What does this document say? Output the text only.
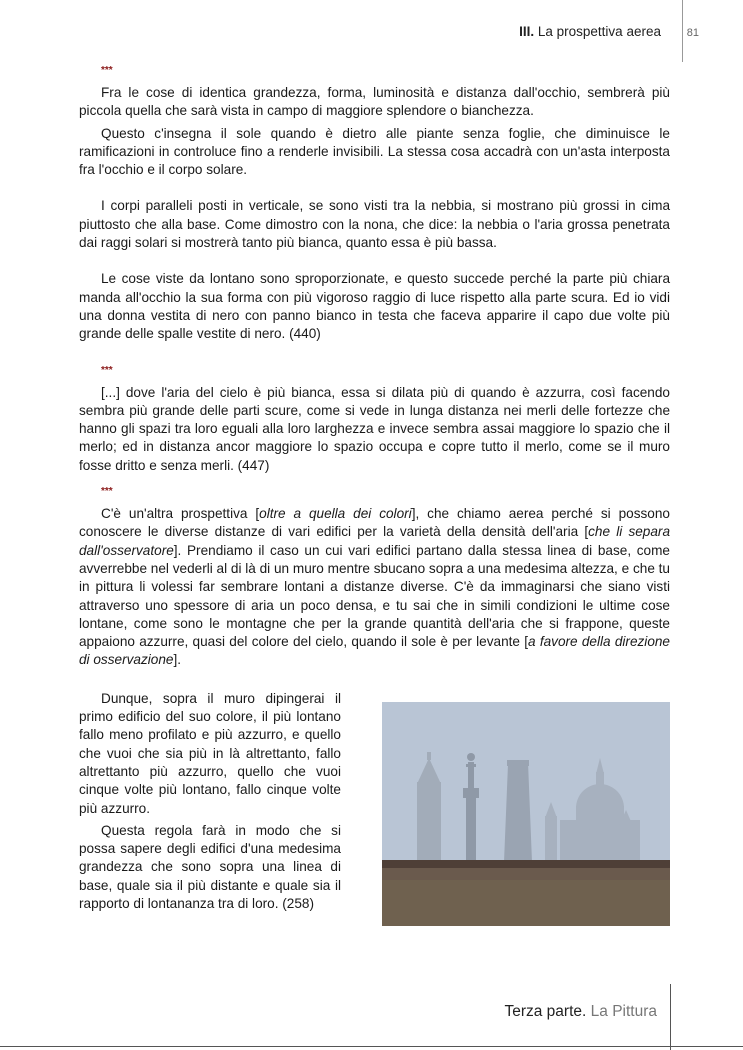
III. La prospettiva aerea 81
***

Fra le cose di identica grandezza, forma, luminosità e distanza dall'occhio, sembrerà più piccola quella che sarà vista in campo di maggiore splendore o bianchezza.

Questo c'insegna il sole quando è dietro alle piante senza foglie, che diminuisce le ramificazioni in controluce fino a renderle invisibili. La stessa cosa accadrà con un'asta interposta fra l'occhio e il corpo solare.

I corpi paralleli posti in verticale, se sono visti tra la nebbia, si mostrano più grossi in cima piuttosto che alla base. Come dimostro con la nona, che dice: la nebbia o l'aria grossa penetrata dai raggi solari si mostrerà tanto più bianca, quanto essa è più bassa.

Le cose viste da lontano sono sproporzionate, e questo succede perché la parte più chiara manda all'occhio la sua forma con più vigoroso raggio di luce rispetto alla parte scura. Ed io vidi una donna vestita di nero con panno bianco in testa che faceva apparire il capo due volte più grande delle spalle vestite di nero. (440)

***

[...] dove l'aria del cielo è più bianca, essa si dilata più di quando è azzurra, così facendo sembra più grande delle parti scure, come si vede in lunga distanza nei merli delle fortezze che hanno gli spazi tra loro eguali alla loro larghezza e invece sembra assai maggiore lo spazio che il merlo; ed in distanza ancor maggiore lo spazio occupa e copre tutto il merlo, come se il muro fosse dritto e senza merli. (447)

***

C'è un'altra prospettiva [oltre a quella dei colori], che chiamo aerea perché si possono conoscere le diverse distanze di vari edifici per la varietà della densità dell'aria [che li separa dall'osservatore]. Prendiamo il caso un cui vari edifici partano dalla stessa linea di base, come avverrebbe nel vederli al di là di un muro mentre sbucano sopra a una medesima altezza, e che tu in pittura li volessi far sembrare lontani a distanze diverse. C'è da immaginarsi che siano visti attraverso uno spessore di aria un poco densa, e tu sai che in simili condizioni le ultime cose lontane, come sono le montagne che per la grande quantità dell'aria che si frappone, queste appaiono azzurre, quasi del colore del cielo, quando il sole è per levante [a favore della direzione di osservazione].

Dunque, sopra il muro dipingerai il primo edificio del suo colore, il più lontano fallo meno profilato e più azzurro, e quello che vuoi che sia più in là altrettanto, fallo altrettanto più azzurro, quello che vuoi cinque volte più lontano, fallo cinque volte più azzurro.

Questa regola farà in modo che si possa sapere degli edifici d'una medesima grandezza che sono sopra una linea di base, quale sia il più distante e quale sia il rapporto di lontananza tra di loro. (258)

Terza parte. La Pittura
